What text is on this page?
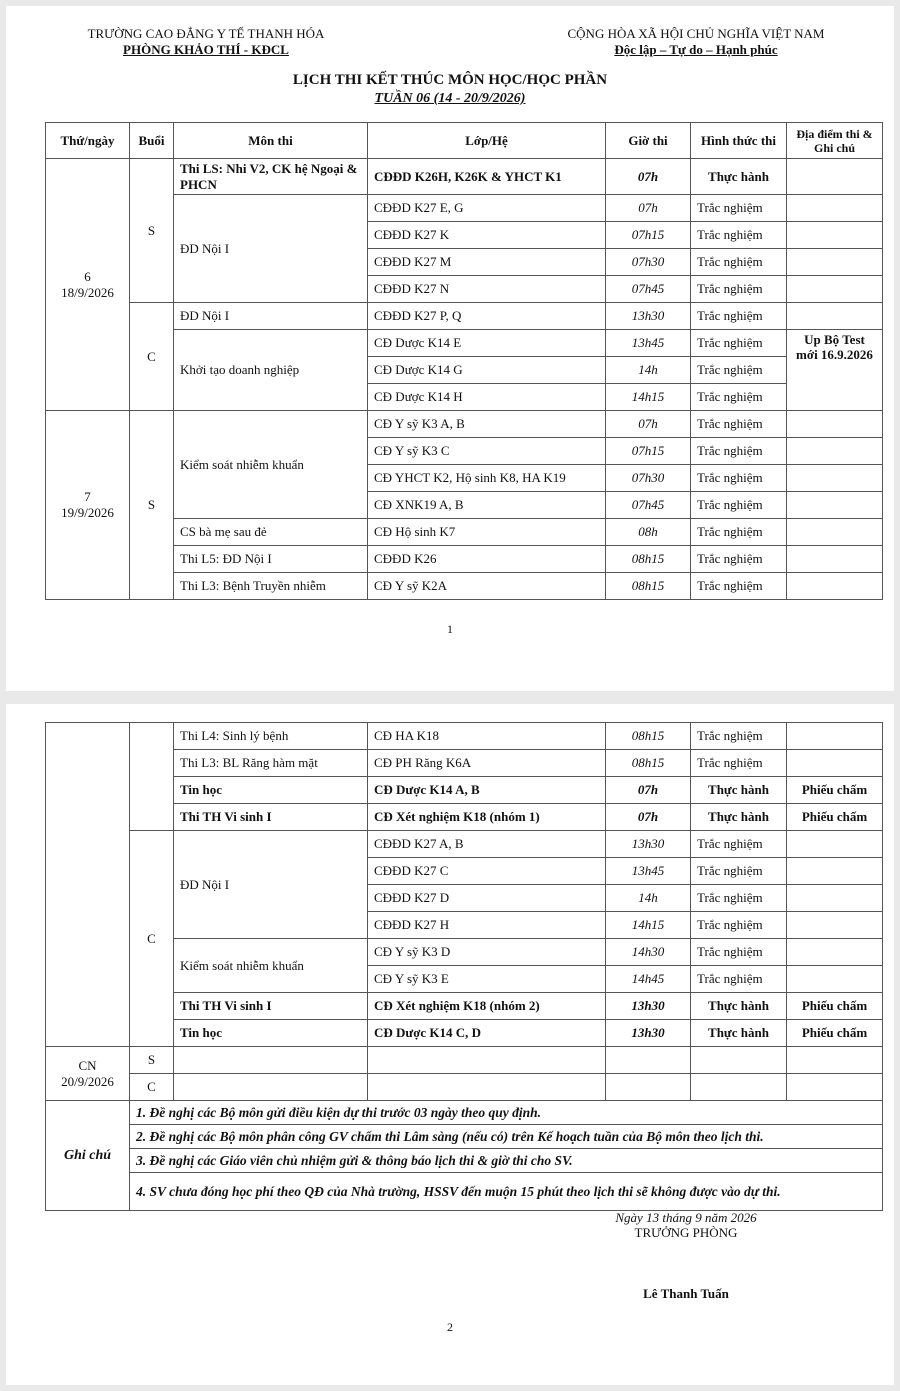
TRƯỜNG CAO ĐẲNG Y TẾ THANH HÓA
PHÒNG KHẢO THÍ - KĐCL
CỘNG HÒA XÃ HỘI CHỦ NGHĨA VIỆT NAM
Độc lập – Tự do – Hạnh phúc
LỊCH THI KẾT THÚC MÔN HỌC/HỌC PHẦN
TUẦN 06 (14 - 20/9/2026)
Thứ/ngày	Buổi	Môn thi	Lớp/Hệ	Giờ thi	Hình thức thi	Địa điểm thi & Ghi chú

6
18/9/2026	S	Thi LS: Nhi V2, CK hệ Ngoại & PHCN	CĐĐD K26H, K26K & YHCT K1	07h	Thực hành	
		ĐD Nội I	CĐĐD K27 E, G	07h	Trắc nghiệm	
			CĐĐD K27 K	07h15	Trắc nghiệm	
			CĐĐD K27 M	07h30	Trắc nghiệm	
			CĐĐD K27 N	07h45	Trắc nghiệm	
	C	ĐD Nội I	CĐĐD K27 P, Q	13h30	Trắc nghiệm	
		Khởi tạo doanh nghiệp	CĐ Dược K14 E	13h45	Trắc nghiệm	Up Bộ Test mới 16.9.2026
			CĐ Dược K14 G	14h	Trắc nghiệm	
			CĐ Dược K14 H	14h15	Trắc nghiệm	

7
19/9/2026	S	Kiểm soát nhiễm khuẩn	CĐ Y sỹ K3 A, B	07h	Trắc nghiệm	
			CĐ Y sỹ K3 C	07h15	Trắc nghiệm	
			CĐ YHCT K2, Hộ sinh K8, HA K19	07h30	Trắc nghiệm	
			CĐ XNK19 A, B	07h45	Trắc nghiệm	
		CS bà mẹ sau đẻ	CĐ Hộ sinh K7	08h	Trắc nghiệm	
		Thi L5: ĐD Nội I	CĐĐD K26	08h15	Trắc nghiệm	
		Thi L3: Bệnh Truyền nhiễm	CĐ Y sỹ K2A	08h15	Trắc nghiệm	
1
		Thi L4: Sinh lý bệnh	CĐ HA K18	08h15	Trắc nghiệm	
		Thi L3: BL Răng hàm mặt	CĐ PH Răng K6A	08h15	Trắc nghiệm	
		Tin học	CĐ Dược K14 A, B	07h	Thực hành	Phiếu chấm
		Thi TH Vi sinh I	CĐ Xét nghiệm K18 (nhóm 1)	07h	Thực hành	Phiếu chấm
	C	ĐD Nội I	CĐĐD K27 A, B	13h30	Trắc nghiệm	
			CĐĐD K27 C	13h45	Trắc nghiệm	
			CĐĐD K27 D	14h	Trắc nghiệm	
			CĐĐD K27 H	14h15	Trắc nghiệm	
		Kiểm soát nhiễm khuẩn	CĐ Y sỹ K3 D	14h30	Trắc nghiệm	
			CĐ Y sỹ K3 E	14h45	Trắc nghiệm	
		Thi TH Vi sinh I	CĐ Xét nghiệm K18 (nhóm 2)	13h30	Thực hành	Phiếu chấm
		Tin học	CĐ Dược K14 C, D	13h30	Thực hành	Phiếu chấm

CN
20/9/2026	S					
	C					
Ghi chú	1. Đề nghị các Bộ môn gửi điều kiện dự thi trước 03 ngày theo quy định.					
	2. Đề nghị các Bộ môn phân công GV chấm thi Lâm sàng (nếu có) trên Kế hoạch tuần của Bộ môn theo lịch thi.					
	3. Đề nghị các Giáo viên chủ nhiệm gửi & thông báo lịch thi & giờ thi cho SV.					
	4. SV chưa đóng học phí theo QĐ của Nhà trường, HSSV đến muộn 15 phút theo lịch thi sẽ không được vào dự thi.					
Ngày 13 tháng 9 năm 2026
TRƯỞNG PHÒNG
Lê Thanh Tuấn
2
